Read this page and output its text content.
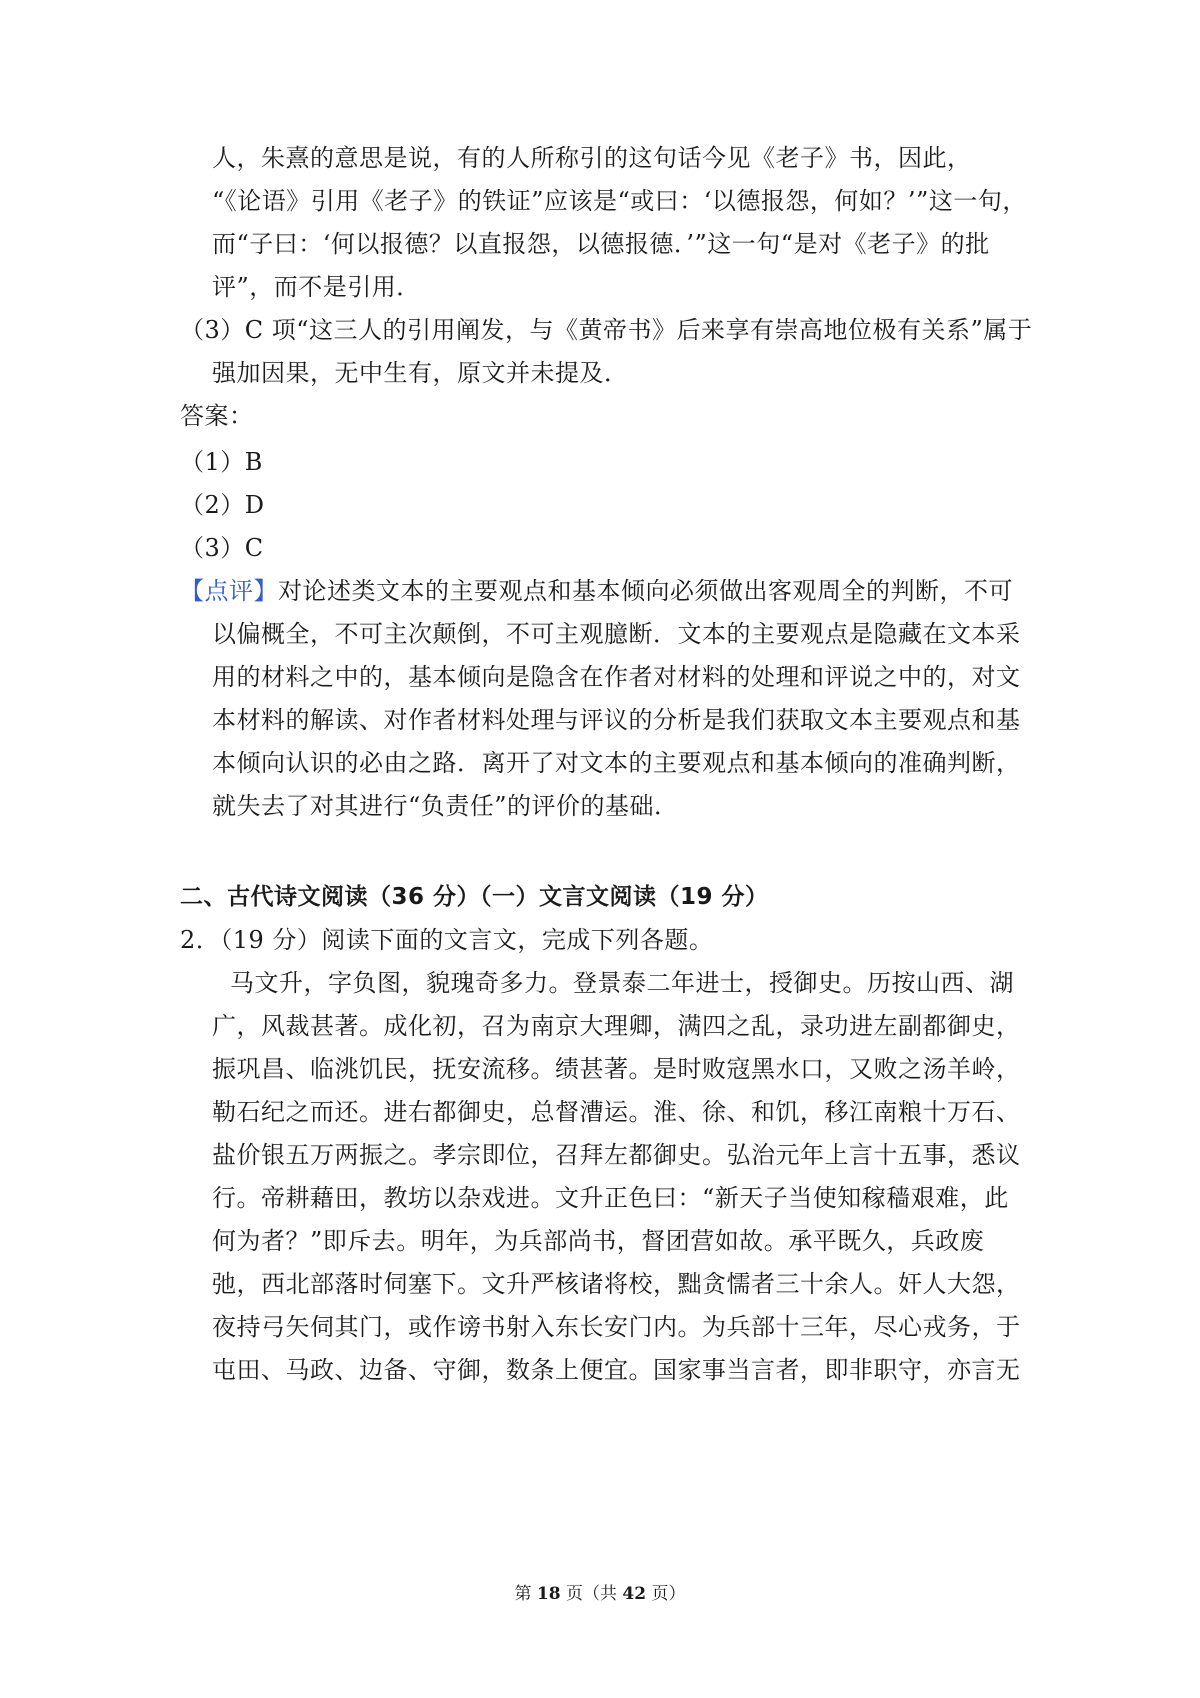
人，朱熹的意思是说，有的人所称引的这句话今见《老子》书，因此，
“《论语》引用《老子》的铁证”应该是“或曰：‘以德报怨，何如？’”这一句，
而“子曰：‘何以报德？以直报怨，以德报德．’”这一句“是对《老子》的批
评”，而不是引用．
（3）C 项“这三人的引用阐发，与《黄帝书》后来享有崇高地位极有关系”属于
强加因果，无中生有，原文并未提及．
答案：
（1）B
（2）D
（3）C
【点评】对论述类文本的主要观点和基本倾向必须做出客观周全的判断，不可
以偏概全，不可主次颠倒，不可主观臆断．文本的主要观点是隐藏在文本采
用的材料之中的，基本倾向是隐含在作者对材料的处理和评说之中的，对文
本材料的解读、对作者材料处理与评议的分析是我们获取文本主要观点和基
本倾向认识的必由之路．离开了对文本的主要观点和基本倾向的准确判断，
就失去了对其进行“负责任”的评价的基础．
二、古代诗文阅读（36 分）（一）文言文阅读（19 分）
2．（19 分）阅读下面的文言文，完成下列各题。
马文升，字负图，貌瑰奇多力。登景泰二年进士，授御史。历按山西、湖
广，风裁甚著。成化初，召为南京大理卿，满四之乱，录功进左副都御史，
振巩昌、临洮饥民，抚安流移。绩甚著。是时败寇黑水口，又败之汤羊岭，
勒石纪之而还。进右都御史，总督漕运。淮、徐、和饥，移江南粮十万石、
盐价银五万两振之。孝宗即位，召拜左都御史。弘治元年上言十五事，悉议
行。帝耕藉田，教坊以杂戏进。文升正色曰：“新天子当使知稼穑艰难，此
何为者？”即斥去。明年，为兵部尚书，督团营如故。承平既久，兵政废
弛，西北部落时伺塞下。文升严核诸将校，黜贪懦者三十余人。奸人大怨，
夜持弓矢伺其门，或作谤书射入东长安门内。为兵部十三年，尽心戎务，于
屯田、马政、边备、守御，数条上便宜。国家事当言者，即非职守，亦言无
第 18 页（共 42 页）
